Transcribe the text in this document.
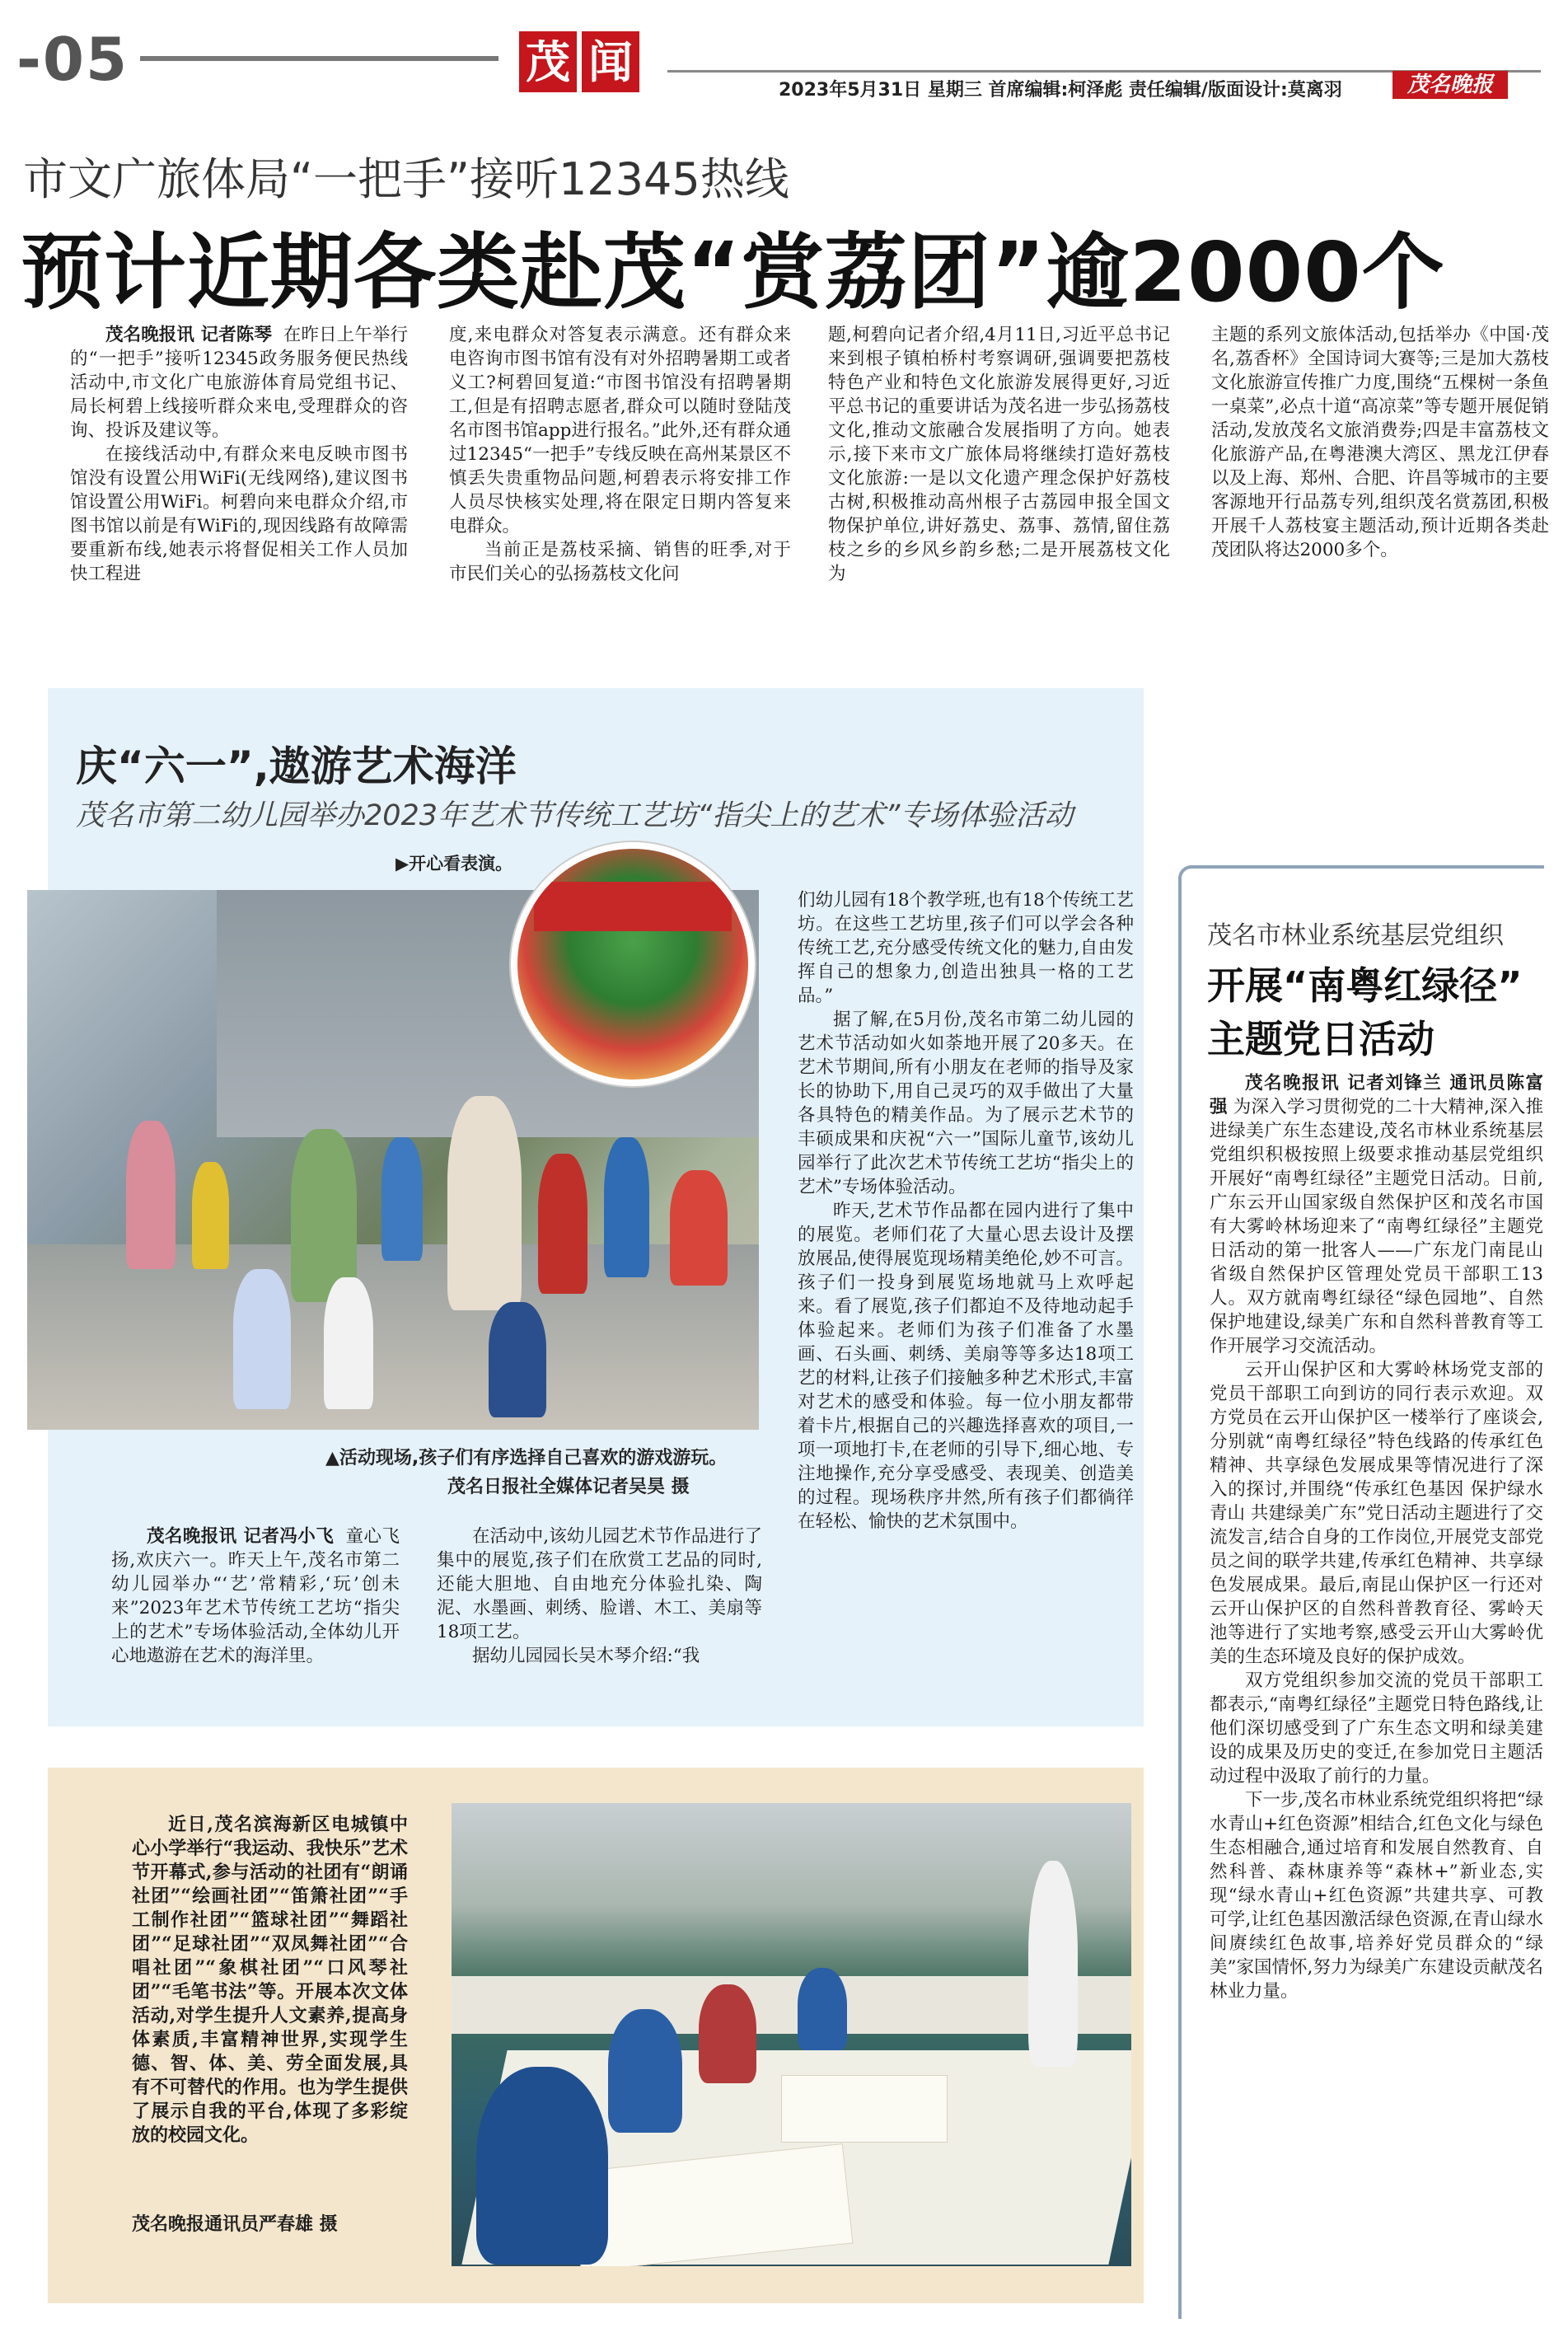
-05	茂 闻
2023年5月31日 星期三 首席编辑:柯泽彪 责任编辑/版面设计:莫离羽	茂名晚报
市文广旅体局“一把手”接听12345热线
预计近期各类赴茂“赏荔团”逾2000个

茂名晚报讯 记者陈琴 在昨日上午举行的“一把手”接听12345政务服务便民热线活动中,市文化广电旅游体育局党组书记、局长柯碧上线接听群众来电,受理群众的咨询、投诉及建议等。

在接线活动中,有群众来电反映市图书馆没有设置公用WiFi(无线网络),建议图书馆设置公用WiFi。柯碧向来电群众介绍,市图书馆以前是有WiFi的,现因线路有故障需要重新布线,她表示将督促相关工作人员加快工程进

度,来电群众对答复表示满意。还有群众来电咨询市图书馆有没有对外招聘暑期工或者义工?柯碧回复道:“市图书馆没有招聘暑期工,但是有招聘志愿者,群众可以随时登陆茂名市图书馆app进行报名。”此外,还有群众通过12345“一把手”专线反映在高州某景区不慎丢失贵重物品问题,柯碧表示将安排工作人员尽快核实处理,将在限定日期内答复来电群众。

当前正是荔枝采摘、销售的旺季,对于市民们关心的弘扬荔枝文化问

题,柯碧向记者介绍,4月11日,习近平总书记来到根子镇柏桥村考察调研,强调要把荔枝特色产业和特色文化旅游发展得更好,习近平总书记的重要讲话为茂名进一步弘扬荔枝文化,推动文旅融合发展指明了方向。她表示,接下来市文广旅体局将继续打造好荔枝文化旅游:一是以文化遗产理念保护好荔枝古树,积极推动高州根子古荔园申报全国文物保护单位,讲好荔史、荔事、荔情,留住荔枝之乡的乡风乡韵乡愁;二是开展荔枝文化为

主题的系列文旅体活动,包括举办《中国·茂名,荔香杯》全国诗词大赛等;三是加大荔枝文化旅游宣传推广力度,围绕“五棵树一条鱼一桌菜”,必点十道“高凉菜”等专题开展促销活动,发放茂名文旅消费券;四是丰富荔枝文化旅游产品,在粤港澳大湾区、黑龙江伊春以及上海、郑州、合肥、许昌等城市的主要客源地开行品荔专列,组织茂名赏荔团,积极开展千人荔枝宴主题活动,预计近期各类赴茂团队将达2000多个。

庆“六一”,遨游艺术海洋
茂名市第二幼儿园举办2023年艺术节传统工艺坊“指尖上的艺术”专场体验活动
▶开心看表演。
▲活动现场,孩子们有序选择自己喜欢的游戏游玩。
茂名日报社全媒体记者吴昊 摄

茂名晚报讯 记者冯小飞 童心飞扬,欢庆六一。昨天上午,茂名市第二幼儿园举办“‘艺’常精彩,‘玩’创未来”2023年艺术节传统工艺坊“指尖上的艺术”专场体验活动,全体幼儿开心地遨游在艺术的海洋里。

在活动中,该幼儿园艺术节作品进行了集中的展览,孩子们在欣赏工艺品的同时,还能大胆地、自由地充分体验扎染、陶泥、水墨画、刺绣、脸谱、木工、美扇等18项工艺。

据幼儿园园长吴木琴介绍:“我

们幼儿园有18个教学班,也有18个传统工艺坊。在这些工艺坊里,孩子们可以学会各种传统工艺,充分感受传统文化的魅力,自由发挥自己的想象力,创造出独具一格的工艺品。”

据了解,在5月份,茂名市第二幼儿园的艺术节活动如火如荼地开展了20多天。在艺术节期间,所有小朋友在老师的指导及家长的协助下,用自己灵巧的双手做出了大量各具特色的精美作品。为了展示艺术节的丰硕成果和庆祝“六一”国际儿童节,该幼儿园举行了此次艺术节传统工艺坊“指尖上的艺术”专场体验活动。

昨天,艺术节作品都在园内进行了集中的展览。老师们花了大量心思去设计及摆放展品,使得展览现场精美绝伦,妙不可言。孩子们一投身到展览场地就马上欢呼起来。看了展览,孩子们都迫不及待地动起手体验起来。老师们为孩子们准备了水墨画、石头画、刺绣、美扇等等多达18项工艺的材料,让孩子们接触多种艺术形式,丰富对艺术的感受和体验。每一位小朋友都带着卡片,根据自己的兴趣选择喜欢的项目,一项一项地打卡,在老师的引导下,细心地、专注地操作,充分享受感受、表现美、创造美的过程。现场秩序井然,所有孩子们都徜徉在轻松、愉快的艺术氛围中。

茂名市林业系统基层党组织
开展“南粤红绿径”
主题党日活动

茂名晚报讯 记者刘锋兰 通讯员陈富强 为深入学习贯彻党的二十大精神,深入推进绿美广东生态建设,茂名市林业系统基层党组织积极按照上级要求推动基层党组织开展好“南粤红绿径”主题党日活动。日前,广东云开山国家级自然保护区和茂名市国有大雾岭林场迎来了“南粤红绿径”主题党日活动的第一批客人——广东龙门南昆山省级自然保护区管理处党员干部职工13人。双方就南粤红绿径“绿色园地”、自然保护地建设,绿美广东和自然科普教育等工作开展学习交流活动。

云开山保护区和大雾岭林场党支部的党员干部职工向到访的同行表示欢迎。双方党员在云开山保护区一楼举行了座谈会,分别就“南粤红绿径”特色线路的传承红色精神、共享绿色发展成果等情况进行了深入的探讨,并围绕“传承红色基因 保护绿水青山 共建绿美广东”党日活动主题进行了交流发言,结合自身的工作岗位,开展党支部党员之间的联学共建,传承红色精神、共享绿色发展成果。最后,南昆山保护区一行还对云开山保护区的自然科普教育径、雾岭天池等进行了实地考察,感受云开山大雾岭优美的生态环境及良好的保护成效。

双方党组织参加交流的党员干部职工都表示,“南粤红绿径”主题党日特色路线,让他们深切感受到了广东生态文明和绿美建设的成果及历史的变迁,在参加党日主题活动过程中汲取了前行的力量。

下一步,茂名市林业系统党组织将把“绿水青山+红色资源”相结合,红色文化与绿色生态相融合,通过培育和发展自然教育、自然科普、森林康养等“森林+”新业态,实现“绿水青山+红色资源”共建共享、可教可学,让红色基因激活绿色资源,在青山绿水间赓续红色故事,培养好党员群众的“绿美”家国情怀,努力为绿美广东建设贡献茂名林业力量。

近日,茂名滨海新区电城镇中心小学举行“我运动、我快乐”艺术节开幕式,参与活动的社团有“朗诵社团”“绘画社团”“笛箫社团”“手工制作社团”“篮球社团”“舞蹈社团”“足球社团”“双凤舞社团”“合唱社团”“象棋社团”“口风琴社团”“毛笔书法”等。开展本次文体活动,对学生提升人文素养,提高身体素质,丰富精神世界,实现学生德、智、体、美、劳全面发展,具有不可替代的作用。也为学生提供了展示自我的平台,体现了多彩绽放的校园文化。

茂名晚报通讯员严春雄 摄
